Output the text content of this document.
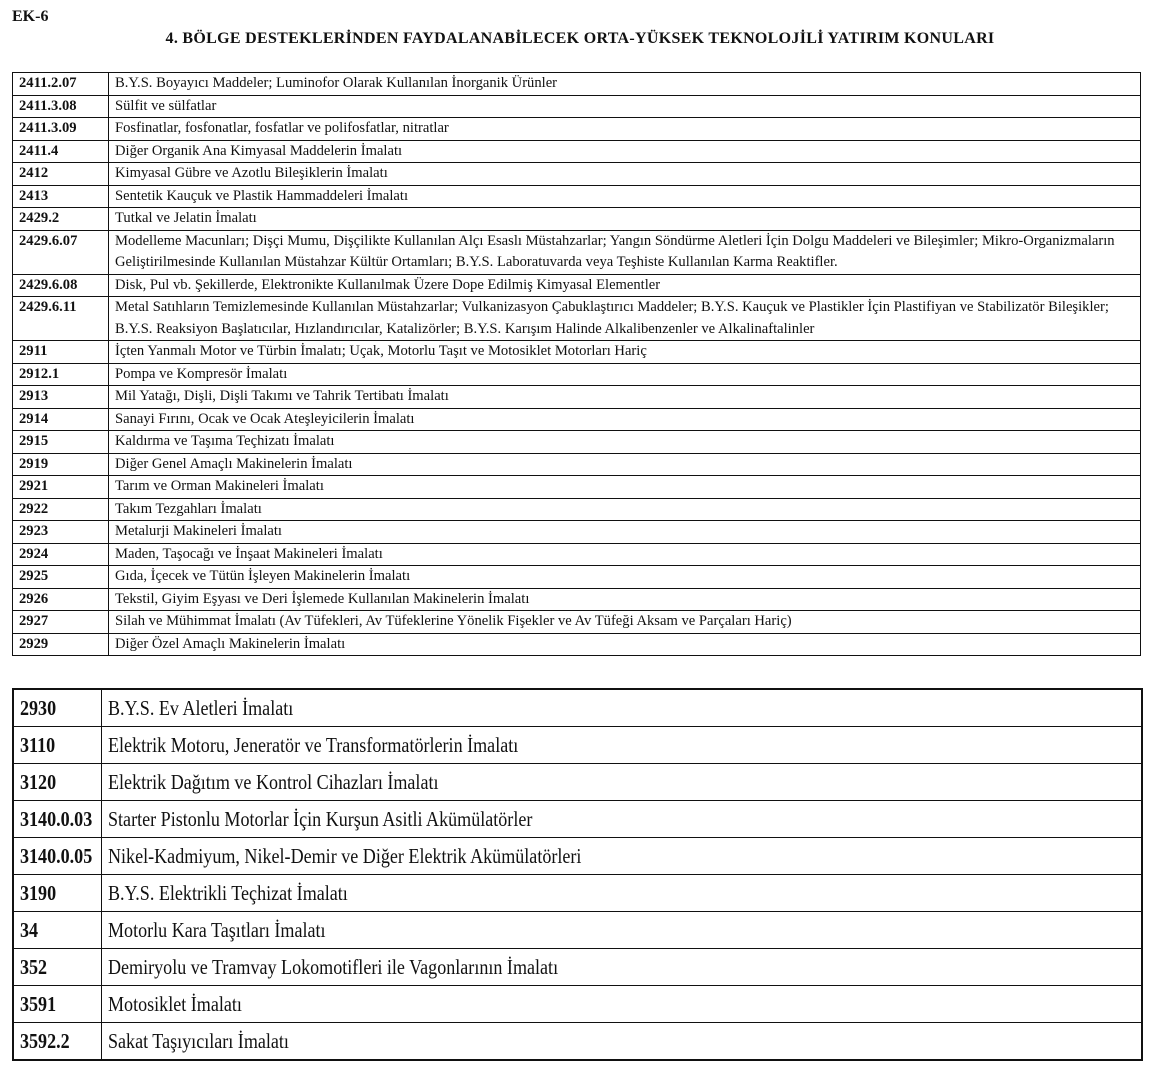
EK-6
4. BÖLGE DESTEKLERİNDEN FAYDALANABİLECEK ORTA-YÜKSEK TEKNOLOJİLİ YATIRIM KONULARI
2411.2.07	B.Y.S. Boyayıcı Maddeler; Luminofor Olarak Kullanılan İnorganik Ürünler
2411.3.08	Sülfit ve sülfatlar
2411.3.09	Fosfinatlar, fosfonatlar, fosfatlar ve polifosfatlar, nitratlar
2411.4	Diğer Organik Ana Kimyasal Maddelerin İmalatı
2412	Kimyasal Gübre ve Azotlu Bileşiklerin İmalatı
2413	Sentetik Kauçuk ve Plastik Hammaddeleri İmalatı
2429.2	Tutkal ve Jelatin İmalatı
2429.6.07	Modelleme Macunları; Dişçi Mumu, Dişçilikte Kullanılan Alçı Esaslı Müstahzarlar; Yangın Söndürme Aletleri İçin Dolgu Maddeleri ve Bileşimler; Mikro-Organizmaların Geliştirilmesinde Kullanılan Müstahzar Kültür Ortamları; B.Y.S. Laboratuvarda veya Teşhiste Kullanılan Karma Reaktifler.
2429.6.08	Disk, Pul vb. Şekillerde, Elektronikte Kullanılmak Üzere Dope Edilmiş Kimyasal Elementler
2429.6.11	Metal Satıhların Temizlemesinde Kullanılan Müstahzarlar; Vulkanizasyon Çabuklaştırıcı Maddeler; B.Y.S. Kauçuk ve Plastikler İçin Plastifiyan ve Stabilizatör Bileşikler; B.Y.S. Reaksiyon Başlatıcılar, Hızlandırıcılar, Katalizörler; B.Y.S. Karışım Halinde Alkalibenzenler ve Alkalinaftalinler
2911	İçten Yanmalı Motor ve Türbin İmalatı; Uçak, Motorlu Taşıt ve Motosiklet Motorları Hariç
2912.1	Pompa ve Kompresör İmalatı
2913	Mil Yatağı, Dişli, Dişli Takımı ve Tahrik Tertibatı İmalatı
2914	Sanayi Fırını, Ocak ve Ocak Ateşleyicilerin İmalatı
2915	Kaldırma ve Taşıma Teçhizatı İmalatı
2919	Diğer Genel Amaçlı Makinelerin İmalatı
2921	Tarım ve Orman Makineleri İmalatı
2922	Takım Tezgahları İmalatı
2923	Metalurji Makineleri İmalatı
2924	Maden, Taşocağı ve İnşaat Makineleri İmalatı
2925	Gıda, İçecek ve Tütün İşleyen Makinelerin İmalatı
2926	Tekstil, Giyim Eşyası ve Deri İşlemede Kullanılan Makinelerin İmalatı
2927	Silah ve Mühimmat İmalatı (Av Tüfekleri, Av Tüfeklerine Yönelik Fişekler ve Av Tüfeği Aksam ve Parçaları Hariç)
2929	Diğer Özel Amaçlı Makinelerin İmalatı
2930	B.Y.S. Ev Aletleri İmalatı
3110	Elektrik Motoru, Jeneratör ve Transformatörlerin İmalatı
3120	Elektrik Dağıtım ve Kontrol Cihazları İmalatı
3140.0.03	Starter Pistonlu Motorlar İçin Kurşun Asitli Akümülatörler
3140.0.05	Nikel-Kadmiyum, Nikel-Demir ve Diğer Elektrik Akümülatörleri
3190	B.Y.S. Elektrikli Teçhizat İmalatı
34	Motorlu Kara Taşıtları İmalatı
352	Demiryolu ve Tramvay Lokomotifleri ile Vagonlarının İmalatı
3591	Motosiklet İmalatı
3592.2	Sakat Taşıyıcıları İmalatı
